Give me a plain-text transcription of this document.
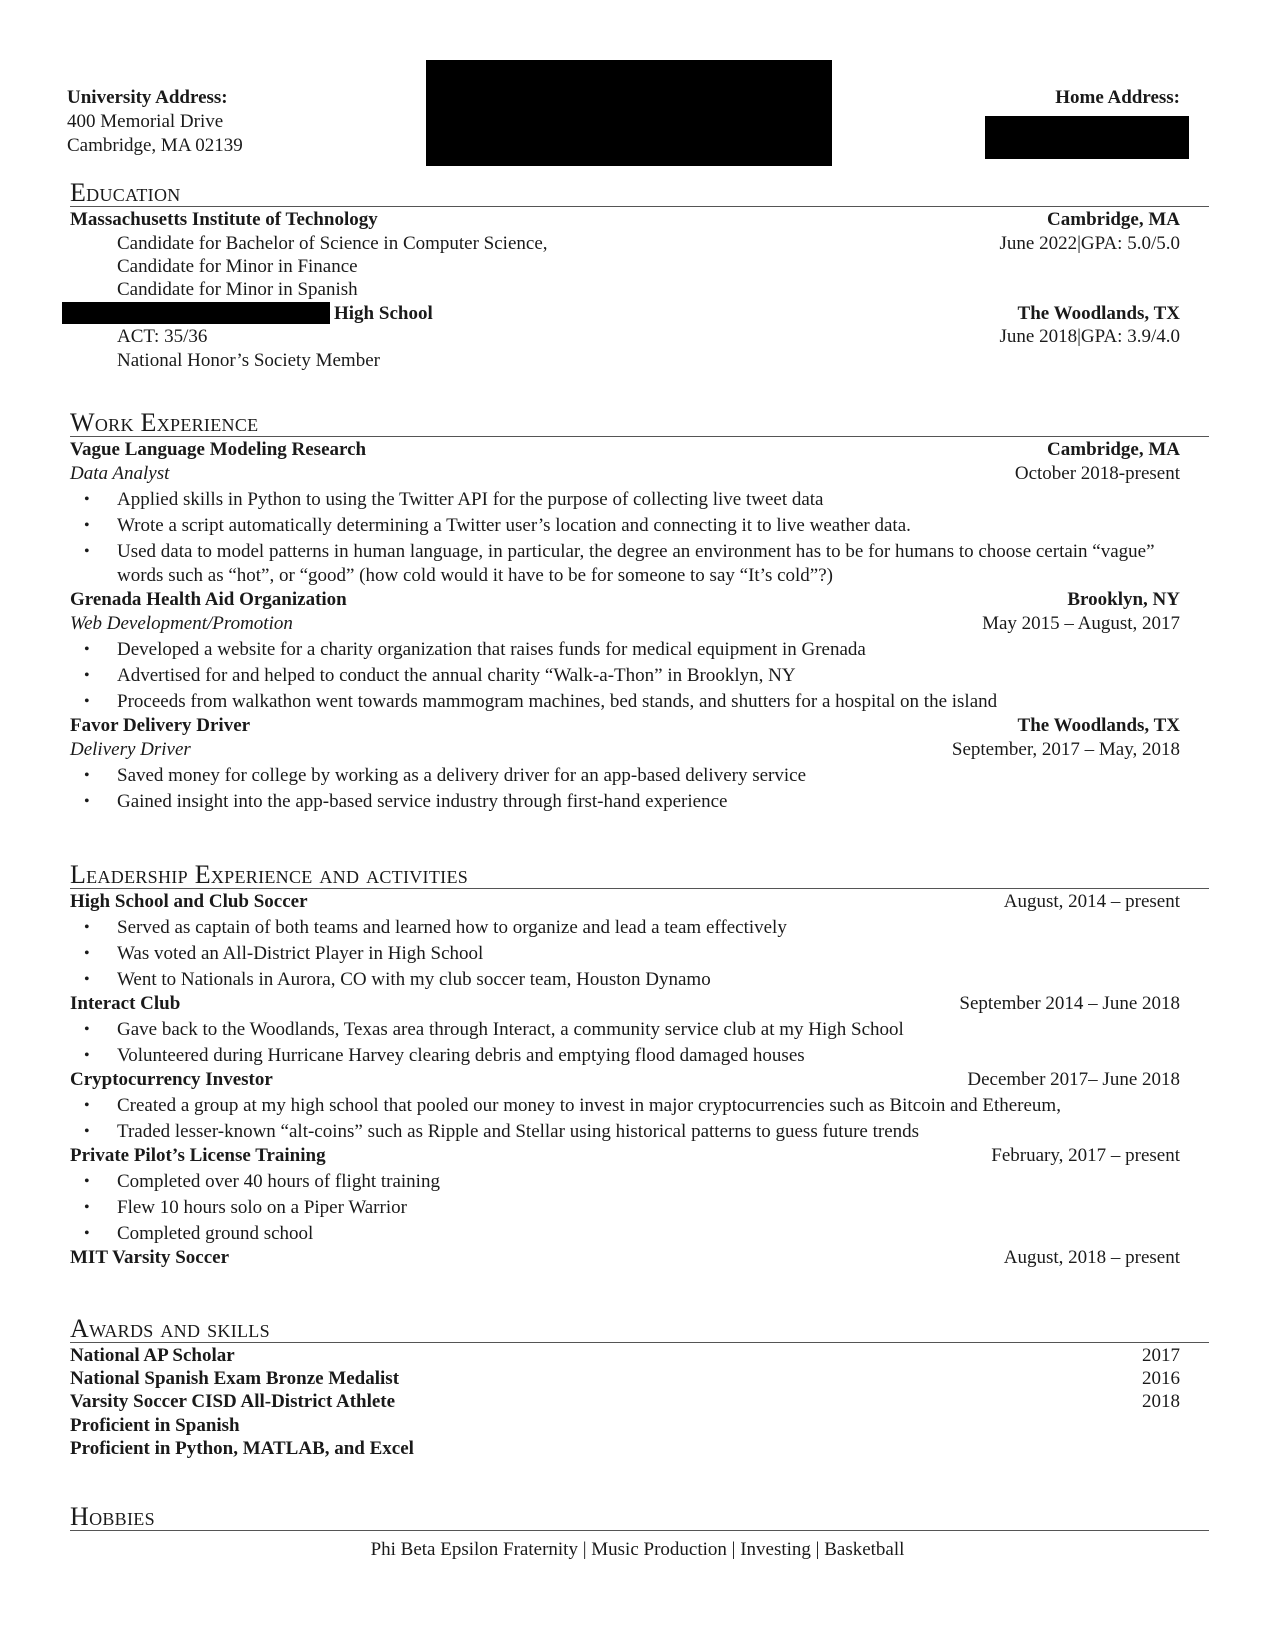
University Address:
400 Memorial Drive
Cambridge, MA 02139
Home Address:
Education
Massachusetts Institute of Technology	Cambridge, MA
Candidate for Bachelor of Science in Computer Science,	June 2022|GPA: 5.0/5.0
Candidate for Minor in Finance
Candidate for Minor in Spanish
High School	The Woodlands, TX
ACT: 35/36	June 2018|GPA: 3.9/4.0
National Honor’s Society Member
Work Experience
Vague Language Modeling Research	Cambridge, MA
Data Analyst	October 2018-present
• Applied skills in Python to using the Twitter API for the purpose of collecting live tweet data
• Wrote a script automatically determining a Twitter user’s location and connecting it to live weather data.
• Used data to model patterns in human language, in particular, the degree an environment has to be for humans to choose certain “vague” words such as “hot”, or “good” (how cold would it have to be for someone to say “It’s cold”?)
Grenada Health Aid Organization	Brooklyn, NY
Web Development/Promotion	May 2015 – August, 2017
• Developed a website for a charity organization that raises funds for medical equipment in Grenada
• Advertised for and helped to conduct the annual charity “Walk-a-Thon” in Brooklyn, NY
• Proceeds from walkathon went towards mammogram machines, bed stands, and shutters for a hospital on the island
Favor Delivery Driver	The Woodlands, TX
Delivery Driver	September, 2017 – May, 2018
• Saved money for college by working as a delivery driver for an app-based delivery service
• Gained insight into the app-based service industry through first-hand experience
Leadership Experience and activities
High School and Club Soccer	August, 2014 – present
• Served as captain of both teams and learned how to organize and lead a team effectively
• Was voted an All-District Player in High School
• Went to Nationals in Aurora, CO with my club soccer team, Houston Dynamo
Interact Club	September 2014 – June 2018
• Gave back to the Woodlands, Texas area through Interact, a community service club at my High School
• Volunteered during Hurricane Harvey clearing debris and emptying flood damaged houses
Cryptocurrency Investor	December 2017– June 2018
• Created a group at my high school that pooled our money to invest in major cryptocurrencies such as Bitcoin and Ethereum,
• Traded lesser-known “alt-coins” such as Ripple and Stellar using historical patterns to guess future trends
Private Pilot’s License Training	February, 2017 – present
• Completed over 40 hours of flight training
• Flew 10 hours solo on a Piper Warrior
• Completed ground school
MIT Varsity Soccer	August, 2018 – present
Awards and skills
National AP Scholar	2017
National Spanish Exam Bronze Medalist	2016
Varsity Soccer CISD All-District Athlete	2018
Proficient in Spanish
Proficient in Python, MATLAB, and Excel
Hobbies
Phi Beta Epsilon Fraternity | Music Production | Investing | Basketball
